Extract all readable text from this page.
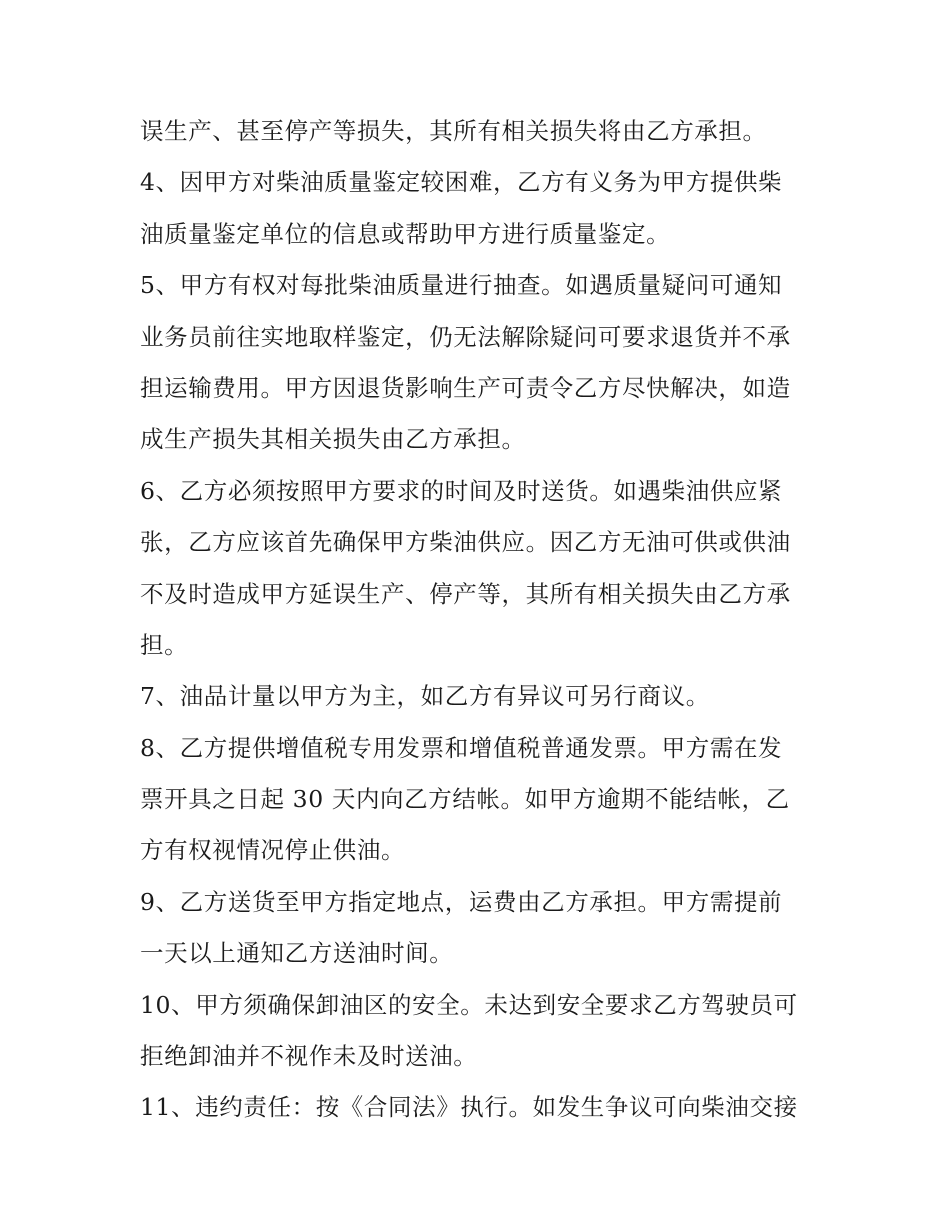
误生产、甚至停产等损失，其所有相关损失将由乙方承担。
4、因甲方对柴油质量鉴定较困难，乙方有义务为甲方提供柴
油质量鉴定单位的信息或帮助甲方进行质量鉴定。
5、甲方有权对每批柴油质量进行抽查。如遇质量疑问可通知
业务员前往实地取样鉴定，仍无法解除疑问可要求退货并不承
担运输费用。甲方因退货影响生产可责令乙方尽快解决，如造
成生产损失其相关损失由乙方承担。
6、乙方必须按照甲方要求的时间及时送货。如遇柴油供应紧
张，乙方应该首先确保甲方柴油供应。因乙方无油可供或供油
不及时造成甲方延误生产、停产等，其所有相关损失由乙方承
担。
7、油品计量以甲方为主，如乙方有异议可另行商议。
8、乙方提供增值税专用发票和增值税普通发票。甲方需在发
票开具之日起 30 天内向乙方结帐。如甲方逾期不能结帐，乙
方有权视情况停止供油。
9、乙方送货至甲方指定地点，运费由乙方承担。甲方需提前
一天以上通知乙方送油时间。
10、甲方须确保卸油区的安全。未达到安全要求乙方驾驶员可
拒绝卸油并不视作未及时送油。
11、违约责任：按《合同法》执行。如发生争议可向柴油交接
